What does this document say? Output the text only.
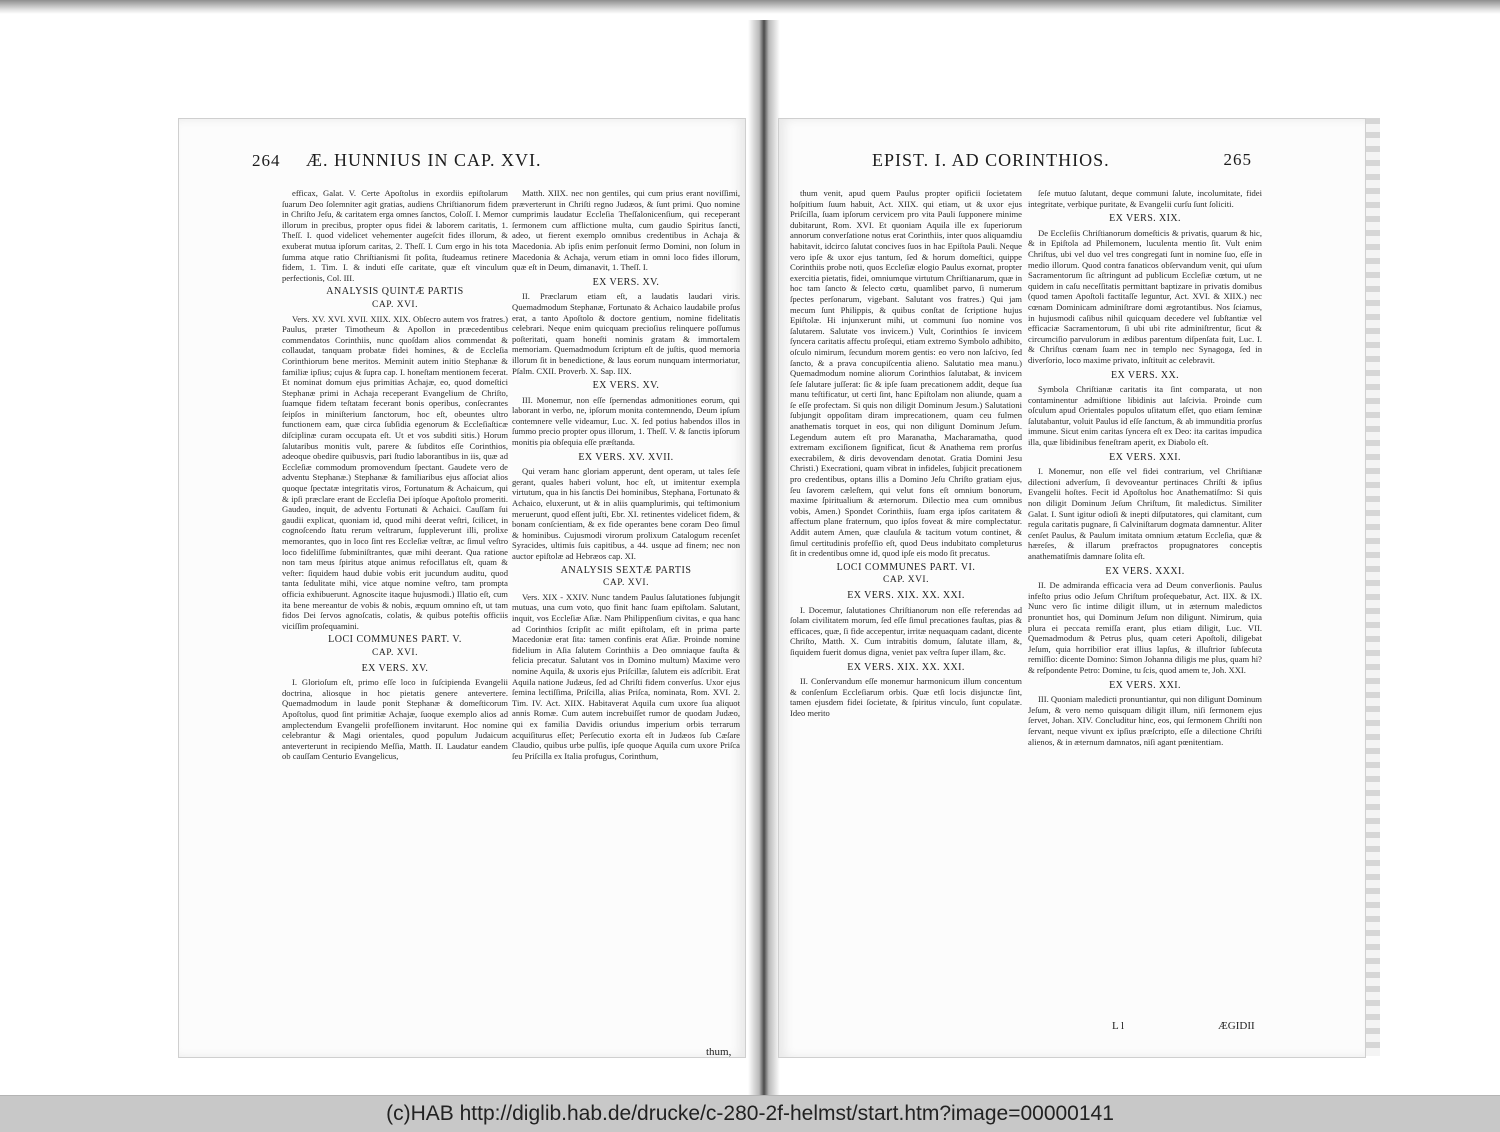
264 Æ. HUNNIUS IN CAP. XVI.

efficax, Galat. V. Certe Apoſtolus in exordiis epiſtolarum ſuarum Deo ſolemniter agit gratias, audiens Chriſtianorum fidem in Chriſto Jeſu, & caritatem erga omnes ſanctos, Coloſſ. I. Memor illorum in precibus, propter opus fidei & laborem caritatis, 1. Theſſ. I. quod videlicet vehementer augeſcit fides illorum, & exuberat mutua ipſorum caritas, 2. Theſſ. I. Cum ergo in his tota ſumma atque ratio Chriſtianismi ſit poſita, ſtudeamus retinere fidem, 1. Tim. I. & induti eſſe caritate, quæ eſt vinculum perfectionis, Col. III.

ANALYSIS QUINTÆ PARTIS
CAP. XVI.

Vers. XV. XVI. XVII. XIIX. XIX. Obſecro autem vos fratres.) Paulus, præter Timotheum & Apollon in præcedentibus commendatos Corinthiis, nunc quoſdam alios commendat & collaudat, tanquam probatæ fidei homines, & de Eccleſia Corinthiorum bene meritos. Meminit autem initio Stephanæ & familiæ ipſius; cujus & ſupra cap. I. honeſtam mentionem fecerat. Et nominat domum ejus primitias Achajæ, eo, quod domeſtici Stephanæ primi in Achaja receperant Evangelium de Chriſto, ſuamque fidem teſtatam fecerant bonis operibus, conſecrantes ſeipſos in miniſterium ſanctorum, hoc eſt, obeuntes ultro functionem eam, quæ circa ſubſidia egenorum & Eccleſiaſticæ diſciplinæ curam occupata eſt. Ut et vos subditi sitis.) Horum ſalutaribus monitis vult, parere & ſubditos eſſe Corinthios, adeoque obedire quibusvis, pari ſtudio laborantibus in iis, quæ ad Eccleſiæ commodum promovendum ſpectant. Gaudete vero de adventu Stephanæ.) Stephanæ & familiaribus ejus aſſociat alios quoque ſpectatæ integritatis viros, Fortunatum & Achaicum, qui & ipſi præclare erant de Eccleſia Dei ipſoque Apoſtolo promeriti. Gaudeo, inquit, de adventu Fortunati & Achaici. Cauſſam ſui gaudii explicat, quoniam id, quod mihi deerat veſtri, ſcilicet, in cognoſcendo ſtatu rerum veſtrarum, ſuppleverunt illi, prolixe memorantes, quo in loco ſint res Eccleſiæ veſtræ, ac ſimul veſtro loco fideliſſime ſubminiſtrantes, quæ mihi deerant. Qua ratione non tam meus ſpiritus atque animus refocillatus eſt, quam & veſter: ſiquidem haud dubie vobis erit jucundum auditu, quod tanta ſedulitate mihi, vice atque nomine veſtro, tam prompta officia exhibuerunt. Agnoscite itaque hujusmodi.) Illatio eſt, cum ita bene mereantur de vobis & nobis, æquum omnino eſt, ut tam fidos Dei ſervos agnoſcatis, colatis, & quibus poteſtis officiis viciſſim proſequamini.

LOCI COMMUNES PART. V.
CAP. XVI.
EX VERS. XV.

I. Glorioſum eſt, primo eſſe loco in ſuſcipienda Evangelii doctrina, aliosque in hoc pietatis genere antevertere. Quemadmodum in laude ponit Stephanæ & domeſticorum Apoſtolus, quod ſint primitiæ Achajæ, ſuoque exemplo alios ad amplectendum Evangelii profeſſionem invitarunt. Hoc nomine celebrantur & Magi orientales, quod populum Judaicum anteverterunt in recipiendo Meſſia, Matth. II. Laudatur eandem ob cauſſam Centurio Evangelicus,

Matth. XIIX. nec non gentiles, qui cum prius erant noviſſimi, præverterunt in Chriſti regno Judæos, & ſunt primi. Quo nomine cumprimis laudatur Eccleſia Theſſalonicenſium, qui receperant ſermonem cum afflictione multa, cum gaudio Spiritus ſancti, adeo, ut fierent exemplo omnibus credentibus in Achaja & Macedonia. Ab ipſis enim perſonuit ſermo Domini, non ſolum in Macedonia & Achaja, verum etiam in omni loco fides illorum, quæ eſt in Deum, dimanavit, 1. Theſſ. I.

EX VERS. XV.

II. Præclarum etiam eſt, a laudatis laudari viris. Quemadmodum Stephanæ, Fortunato & Achaico laudabile proſus erat, a tanto Apoſtolo & doctore gentium, nomine fidelitatis celebrari. Neque enim quicquam precioſius relinquere poſſumus poſteritati, quam honeſti nominis gratam & immortalem memoriam. Quemadmodum ſcriptum eſt de juſtis, quod memoria illorum ſit in benedictione, & laus eorum nunquam intermoriatur, Pſalm. CXII. Proverb. X. Sap. IIX.

EX VERS. XV.

III. Monemur, non eſſe ſpernendas admonitiones eorum, qui laborant in verbo, ne, ipſorum monita contemnendo, Deum ipſum contemnere velle videamur, Luc. X. ſed potius habendos illos in ſummo precio propter opus illorum, 1. Theſſ. V. & ſanctis ipſorum monitis pia obſequia eſſe præſtanda.

EX VERS. XV. XVII.

Qui veram hanc gloriam apperunt, dent operam, ut tales ſeſe gerant, quales haberi volunt, hoc eſt, ut imitentur exempla virtutum, qua in his ſanctis Dei hominibus, Stephana, Fortunato & Achaico, eluxerunt, ut & in aliis quamplurimis, qui teſtimonium meruerunt, quod eſſent juſti, Ebr. XI. retinentes videlicet fidem, & bonam conſcientiam, & ex fide operantes bene coram Deo ſimul & hominibus. Cujusmodi virorum prolixum Catalogum recenſet Syracides, ultimis ſuis capitibus, a 44. usque ad finem; nec non auctor epiſtolæ ad Hebræos cap. XI.

ANALYSIS SEXTÆ PARTIS
CAP. XVI.

Vers. XIX - XXIV. Nunc tandem Paulus ſalutationes ſubjungit mutuas, una cum voto, quo finit hanc ſuam epiſtolam. Salutant, inquit, vos Eccleſiæ Aſiæ. Nam Philippenſium civitas, e qua hanc ad Corinthios ſcripſit ac miſit epiſtolam, eſt in prima parte Macedoniæ erat ſita: tamen confinis erat Aſiæ. Proinde nomine fidelium in Aſia ſalutem Corinthiis a Deo omniaque fauſta & felicia precatur. Salutant vos in Domino multum) Maxime vero nomine Aquila, & uxoris ejus Priſcillæ, ſalutem eis adſcribit. Erat Aquila natione Judæus, ſed ad Chriſti fidem converſus. Uxor ejus ſemina lectiſſima, Priſcilla, alias Priſca, nominata, Rom. XVI. 2. Tim. IV. Act. XIIX. Habitaverat Aquila cum uxore ſua aliquot annis Romæ. Cum autem increbuiſſet rumor de quodam Judæo, qui ex familia Davidis oriundus imperium orbis terrarum acquiſiturus eſſet; Perſecutio exorta eſt in Judæos ſub Cæſare Claudio, quibus urbe pulſis, ipſe quoque Aquila cum uxore Priſca ſeu Priſcilla ex Italia profugus, Corinthum,

thum,
EPIST. I. AD CORINTHIOS.	265

thum venit, apud quem Paulus propter opificii ſocietatem hoſpitium ſuum habuit, Act. XIIX. qui etiam, ut & uxor ejus Priſcilla, ſuam ipſorum cervicem pro vita Pauli ſupponere minime dubitarunt, Rom. XVI. Et quoniam Aquila ille ex ſuperiorum annorum converſatione notus erat Corinthiis, inter quos aliquamdiu habitavit, idcirco ſalutat concives ſuos in hac Epiſtola Pauli. Neque vero ipſe & uxor ejus tantum, ſed & horum domeſtici, quippe Corinthiis probe noti, quos Eccleſiæ elogio Paulus exornat, propter exercitia pietatis, fidei, omniumque virtutum Chriſtianarum, quæ in hoc tam ſancto & ſelecto cœtu, quamlibet parvo, ſi numerum ſpectes perſonarum, vigebant. Salutant vos fratres.) Qui jam mecum ſunt Philippis, & quibus conſtat de ſcriptione hujus Epiſtolæ. Hi injunxerunt mihi, ut communi ſuo nomine vos ſalutarem. Salutate vos invicem.) Vult, Corinthios ſe invicem ſyncera caritatis affectu proſequi, etiam extremo Symbolo adhibito, oſculo nimirum, ſecundum morem gentis: eo vero non laſcivo, ſed ſancto, & a prava concupiſcentia alieno. Salutatio mea manu.) Quemadmodum nomine aliorum Corinthios ſalutabat, & invicem ſeſe ſalutare juſſerat: ſic & ipſe ſuam precationem addit, deque ſua manu teſtificatur, ut certi ſint, hanc Epiſtolam non aliunde, quam a ſe eſſe profectam. Si quis non diligit Dominum Jesum.) Salutationi ſubjungit oppoſitam diram imprecationem, quam ceu fulmen anathematis torquet in eos, qui non diligunt Dominum Jeſum. Legendum autem eſt pro Maranatha, Macharamatha, quod extremam exciſionem ſignificat, ſicut & Anathema rem prorſus execrabilem, & diris devovendam denotat. Gratia Domini Jesu Christi.) Execrationi, quam vibrat in infideles, ſubjicit precationem pro credentibus, optans illis a Domino Jeſu Chriſto gratiam ejus, ſeu ſavorem cæleſtem, qui velut fons eſt omnium bonorum, maxime ſpiritualium & æternorum. Dilectio mea cum omnibus vobis, Amen.) Spondet Corinthiis, ſuam erga ipſos caritatem & affectum plane fraternum, quo ipſos foveat & mire complectatur. Addit autem Amen, quæ clauſula & tacitum votum continet, & ſimul certitudinis profeſſio eſt, quod Deus indubitato completurus ſit in credentibus omne id, quod ipſe eis modo ſit precatus.

LOCI COMMUNES PART. VI.
CAP. XVI.
EX VERS. XIX. XX. XXI.

I. Docemur, ſalutationes Chriſtianorum non eſſe referendas ad ſolam civilitatem morum, ſed eſſe ſimul precationes fauſtas, pias & efficaces, quæ, ſi fide accepentur, irritæ nequaquam cadant, dicente Chriſto, Matth. X. Cum intrabitis domum, ſalutate illam, &, ſiquidem fuerit domus digna, veniet pax veſtra ſuper illam, &c.

EX VERS. XIX. XX. XXI.

II. Conſervandum eſſe monemur harmonicum illum concentum & conſenſum Eccleſiarum orbis. Quæ etſi locis disjunctæ ſint, tamen ejusdem fidei ſocietate, & ſpiritus vinculo, ſunt copulatæ. Ideo merito

ſeſe mutuo ſalutant, deque communi ſalute, incolumitate, fidei integritate, verbique puritate, & Evangelii curſu ſunt ſoliciti.

EX VERS. XIX.

De Eccleſiis Chriſtianorum domeſticis & privatis, quarum & hic, & in Epiſtola ad Philemonem, luculenta mentio ſit. Vult enim Chriſtus, ubi vel duo vel tres congregati ſunt in nomine ſuo, eſſe in medio illorum. Quod contra fanaticos obſervandum venit, qui uſum Sacramentorum ſic aſtringunt ad publicum Eccleſiæ cœtum, ut ne quidem in caſu neceſſitatis permittant baptizare in privatis domibus (quod tamen Apoſtoli factitaſſe leguntur, Act. XVI. & XIIX.) nec cœnam Dominicam adminiſtrare domi ægrotantibus. Nos ſciamus, in hujusmodi caſibus nihil quicquam decedere vel ſubſtantiæ vel efficaciæ Sacramentorum, ſi ubi ubi rite adminiſtrentur, ſicut & circumciſio parvulorum in ædibus parentum diſpenſata fuit, Luc. I. & Chriſtus cœnam ſuam nec in templo nec Synagoga, ſed in diverſorio, loco maxime privato, inſtituit ac celebravit.

EX VERS. XX.

Symbola Chriſtianæ caritatis ita ſint comparata, ut non contaminentur admiſtione libidinis aut laſcivia. Proinde cum oſculum apud Orientales populos uſitatum eſſet, quo etiam ſeminæ ſalutabantur, voluit Paulus id eſſe ſanctum, & ab immunditia prorſus immune. Sicut enim caritas ſyncera eſt ex Deo: ita caritas impudica illa, quæ libidinibus feneſtram aperit, ex Diabolo eſt.

EX VERS. XXI.

I. Monemur, non eſſe vel fidei contrarium, vel Chriſtianæ dilectioni adverſum, ſi devoveantur pertinaces Chriſti & ipſius Evangelii hoſtes. Fecit id Apoſtolus hoc Anathematiſmo: Si quis non diligit Dominum Jeſum Chriſtum, ſit maledictus. Similiter Galat. I. Sunt igitur odioſi & inepti diſputatores, qui clamitant, cum regula caritatis pugnare, ſi Calviniſtarum dogmata damnentur. Aliter cenſet Paulus, & Paulum imitata omnium ætatum Eccleſia, quæ & hæreſes, & illarum præfractos propugnatores conceptis anathematiſmis damnare ſolita eſt.

EX VERS. XXXI.

II. De admiranda efficacia vera ad Deum converſionis. Paulus infeſto prius odio Jeſum Chriſtum proſequebatur, Act. IIX. & IX. Nunc vero ſic intime diligit illum, ut in æternum maledictos pronuntiet hos, qui Dominum Jeſum non diligunt. Nimirum, quia plura ei peccata remiſſa erant, plus etiam diligit, Luc. VII. Quemadmodum & Petrus plus, quam ceteri Apoſtoli, diligebat Jeſum, quia horribilior erat illius lapſus, & illuſtrior ſubſecuta remiſſio: dicente Domino: Simon Johanna diligis me plus, quam hi? & reſpondente Petro: Domine, tu ſcis, quod amem te, Joh. XXI.

EX VERS. XXI.

III. Quoniam maledicti pronuntiantur, qui non diligunt Dominum Jeſum, & vero nemo quisquam diligit illum, niſi ſermonem ejus ſervet, Johan. XIV. Concluditur hinc, eos, qui ſermonem Chriſti non ſervant, neque vivunt ex ipſius præſcripto, eſſe a dilectione Chriſti alienos, & in æternum damnatos, niſi agant pœnitentiam.

L l	ÆGIDII
(c)HAB http://diglib.hab.de/drucke/c-280-2f-helmst/start.htm?image=00000141
